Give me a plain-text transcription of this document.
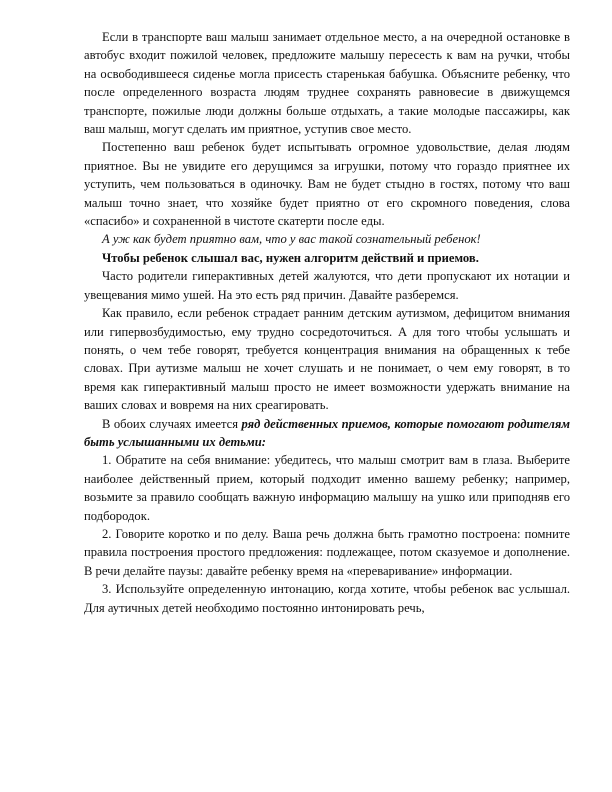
Если в транспорте ваш малыш занимает отдельное место, а на очередной остановке в автобус входит пожилой человек, предложите малышу пересесть к вам на ручки, чтобы на освободившееся сиденье могла присесть старенькая бабушка. Объясните ребенку, что после определенного возраста людям труднее сохранять равновесие в движущемся транспорте, пожилые люди должны больше отдыхать, а такие молодые пассажиры, как ваш малыш, могут сделать им приятное, уступив свое место.

Постепенно ваш ребенок будет испытывать огромное удовольствие, делая людям приятное. Вы не увидите его дерущимся за игрушки, потому что гораздо приятнее их уступить, чем пользоваться в одиночку. Вам не будет стыдно в гостях, потому что ваш малыш точно знает, что хозяйке будет приятно от его скромного поведения, слова «спасибо» и сохраненной в чистоте скатерти после еды.

А уж как будет приятно вам, что у вас такой сознательный ребенок!

Чтобы ребенок слышал вас, нужен алгоритм действий и приемов.

Часто родители гиперактивных детей жалуются, что дети пропускают их нотации и увещевания мимо ушей. На это есть ряд причин. Давайте разберемся.

Как правило, если ребенок страдает ранним детским аутизмом, дефицитом внимания или гипервозбудимостью, ему трудно сосредоточиться. А для того чтобы услышать и понять, о чем тебе говорят, требуется концентрация внимания на обращенных к тебе словах. При аутизме малыш не хочет слушать и не понимает, о чем ему говорят, в то время как гиперактивный малыш просто не имеет возможности удержать внимание на ваших словах и вовремя на них среагировать.

В обоих случаях имеется ряд действенных приемов, которые помогают родителям быть услышанными их детьми:

1. Обратите на себя внимание: убедитесь, что малыш смотрит вам в глаза. Выберите наиболее действенный прием, который подходит именно вашему ребенку; например, возьмите за правило сообщать важную информацию малышу на ушко или приподняв его подбородок.

2. Говорите коротко и по делу. Ваша речь должна быть грамотно построена: помните правила построения простого предложения: подлежащее, потом сказуемое и дополнение. В речи делайте паузы: давайте ребенку время на «переваривание» информации.

3. Используйте определенную интонацию, когда хотите, чтобы ребенок вас услышал. Для аутичных детей необходимо постоянно интонировать речь,
